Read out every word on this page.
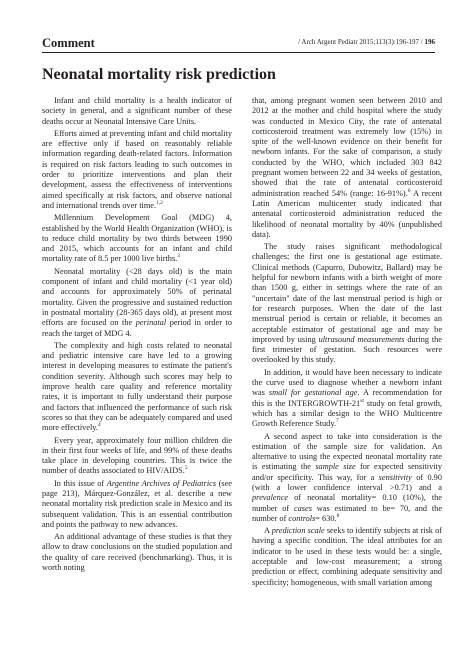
Comment	/ Arch Argent Pediatr 2015;113(3):196-197 / 196
Neonatal mortality risk prediction

Infant and child mortality is a health indicator of society in general, and a significant number of these deaths occur at Neonatal Intensive Care Units.

Efforts aimed at preventing infant and child mortality are effective only if based on reasonably reliable information regarding death-related factors. Information is required on risk factors leading to such outcomes in order to prioritize interventions and plan their development, assess the effectiveness of interventions aimed specifically at risk factors, and observe national and international trends over time.$^{1,2}$

Millennium Development Goal (MDG) 4, established by the World Health Organization (WHO), is to reduce child mortality by two thirds between 1990 and 2015, which accounts for an infant and child mortality rate of 8.5 per 1000 live births.$^3$

Neonatal mortality (<28 days old) is the main component of infant and child mortality (<1 year old) and accounts for approximately 50% of perinatal mortality. Given the progressive and sustained reduction in postnatal mortality (28-365 days old), at present most efforts are focused on the perinatal period in order to reach the target of MDG 4.

The complexity and high costs related to neonatal and pediatric intensive care have led to a growing interest in developing measures to estimate the patient's condition severity. Although such scores may help to improve health care quality and reference mortality rates, it is important to fully understand their purpose and factors that influenced the performance of such risk scores so that they can be adequately compared and used more effectively.$^4$

Every year, approximately four million children die in their first four weeks of life, and 99% of these deaths take place in developing countries. This is twice the number of deaths associated to HIV/AIDS.$^5$

In this issue of Argentine Archives of Pediatrics (see page 213), Márquez-González, et al. describe a new neonatal mortality risk prediction scale in Mexico and its subsequent validation. This is an essential contribution and points the pathway to new advances.

An additional advantage of these studies is that they allow to draw conclusions on the studied population and the quality of care received (benchmarking). Thus, it is worth noting

that, among pregnant women seen between 2010 and 2012 at the mother and child hospital where the study was conducted in Mexico City, the rate of antenatal corticosteroid treatment was extremely low (15%) in spite of the well-known evidence on their benefit for newborn infants. For the sake of comparison, a study conducted by the WHO, which included 303 842 pregnant women between 22 and 34 weeks of gestation, showed that the rate of antenatal corticosteroid administration reached 54% (range: 16-91%).$^6$ A recent Latin American multicenter study indicated that antenatal corticosteroid administration reduced the likelihood of neonatal mortality by 40% (unpublished data).

The study raises significant methodological challenges; the first one is gestational age estimate. Clinical methods (Capurro, Dubowitz, Ballard) may be helpful for newborn infants with a birth weight of more than 1500 g, either in settings where the rate of an "uncertain" date of the last menstrual period is high or for research purposes. When the date of the last menstrual period is certain or reliable, it becomes an acceptable estimator of gestational age and may be improved by using ultrasound measurements during the first trimester of gestation. Such resources were overlooked by this study.

In addition, it would have been necessary to indicate the curve used to diagnose whether a newborn infant was small for gestational age. A recommendation for this is the INTERGROWTH-21st study on fetal growth, which has a similar design to the WHO Multicentre Growth Reference Study.$^7$

A second aspect to take into consideration is the estimation of the sample size for validation. An alternative to using the expected neonatal mortality rate is estimating the sample size for expected sensitivity and/or specificity. This way, for a sensitivity of 0.90 (with a lower confidence interval >0.71) and a prevalence of neonatal mortality= 0.10 (10%), the number of cases was estimated to be= 70, and the number of controls= 630.$^8$

A prediction scale seeks to identify subjects at risk of having a specific condition. The ideal attributes for an indicator to be used in these tests would be: a single, acceptable and low-cost measurement; a strong prediction or effect, combining adequate sensitivity and specificity; homogeneous, with small variation among
